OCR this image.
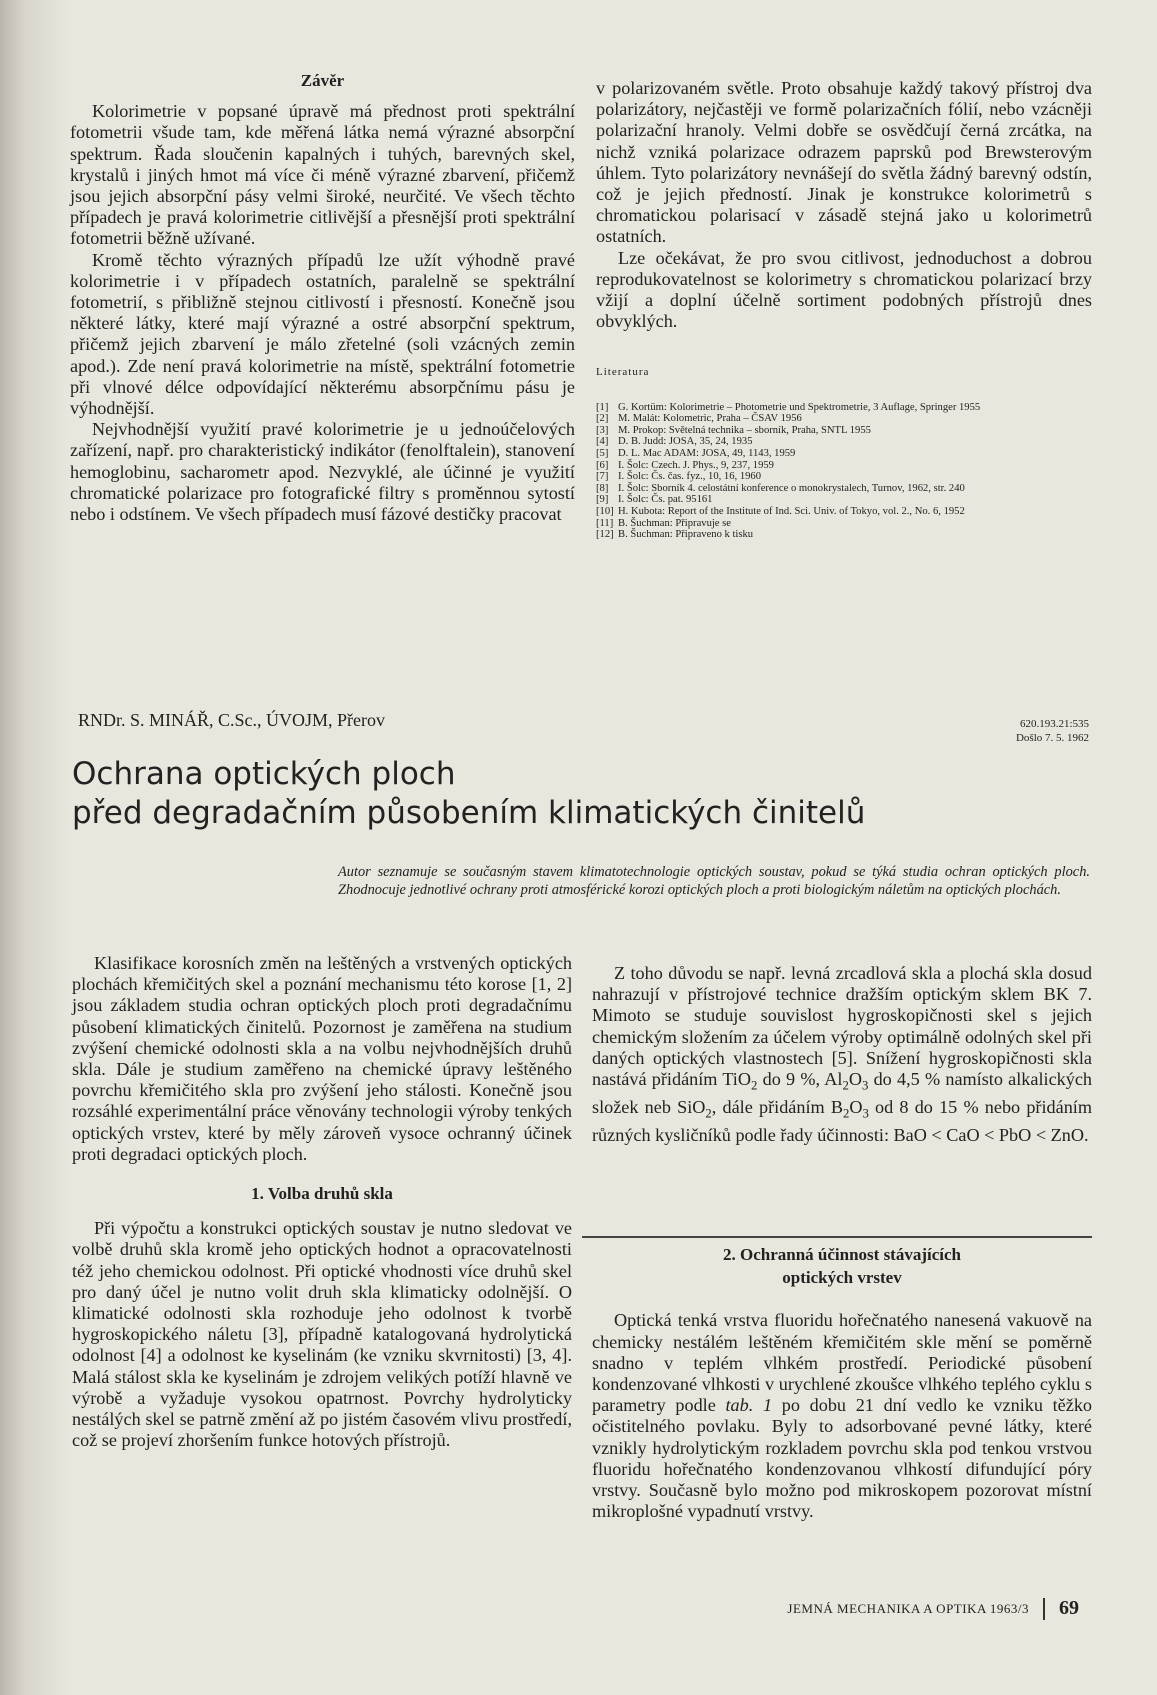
Závěr

Kolorimetrie v popsané úpravě má přednost proti spektrální fotometrii všude tam, kde měřená látka nemá výrazné absorpční spektrum. Řada sloučenin kapalných i tuhých, barevných skel, krystalů i jiných hmot má více či méně výrazné zbarvení, přičemž jsou jejich absorpční pásy velmi široké, neurčité. Ve všech těchto případech je pravá kolorimetrie citlivější a přesnější proti spektrální fotometrii běžně užívané.

Kromě těchto výrazných případů lze užít výhodně pravé kolorimetrie i v případech ostatních, paralelně se spektrální fotometrií, s přibližně stejnou citlivostí i přesností. Konečně jsou některé látky, které mají výrazné a ostré absorpční spektrum, přičemž jejich zbarvení je málo zřetelné (soli vzácných zemin apod.). Zde není pravá kolorimetrie na místě, spektrální fotometrie při vlnové délce odpovídající některému absorpčnímu pásu je výhodnější.

Nejvhodnější využití pravé kolorimetrie je u jednoúčelových zařízení, např. pro charakteristický indikátor (fenolftalein), stanovení hemoglobinu, sacharometr apod. Nezvyklé, ale účinné je využití chromatické polarizace pro fotografické filtry s proměnnou sytostí nebo i odstínem. Ve všech případech musí fázové destičky pracovat

v polarizovaném světle. Proto obsahuje každý takový přístroj dva polarizátory, nejčastěji ve formě polarizačních fólií, nebo vzácněji polarizační hranoly. Velmi dobře se osvědčují černá zrcátka, na nichž vzniká polarizace odrazem paprsků pod Brewsterovým úhlem. Tyto polarizátory nevnášejí do světla žádný barevný odstín, což je jejich předností. Jinak je konstrukce kolorimetrů s chromatickou polarisací v zásadě stejná jako u kolorimetrů ostatních.

Lze očekávat, že pro svou citlivost, jednoduchost a dobrou reprodukovatelnost se kolorimetry s chromatickou polarizací brzy vžijí a doplní účelně sortiment podobných přístrojů dnes obvyklých.

Literatura
[1] G. Kortüm: Kolorimetrie – Photometrie und Spektrometrie, 3 Auflage, Springer 1955
[2] M. Malát: Kolometric, Praha – ČSAV 1956
[3] M. Prokop: Světelná technika – sborník, Praha, SNTL 1955
[4] D. B. Judd: JOSA, 35, 24, 1935
[5] D. L. Mac ADAM: JOSA, 49, 1143, 1959
[6] I. Šolc: Czech. J. Phys., 9, 237, 1959
[7] I. Šolc: Čs. čas. fyz., 10, 16, 1960
[8] I. Šolc: Sborník 4. celostátní konference o monokrystalech, Turnov, 1962, str. 240
[9] I. Šolc: Čs. pat. 95161
[10] H. Kubota: Report of the Institute of Ind. Sci. Univ. of Tokyo, vol. 2., No. 6, 1952
[11] B. Šuchman: Připravuje se
[12] B. Šuchman: Připraveno k tisku
RNDr. S. MINÁŘ, C.Sc., ÚVOJM, Přerov	620.193.21:535
Došlo 7. 5. 1962
Ochrana optických ploch
před degradačním působením klimatických činitelů
Autor seznamuje se současným stavem klimatotechnologie optických soustav, pokud se týká studia ochran optických ploch. Zhodnocuje jednotlivé ochrany proti atmosférické korozi optických ploch a proti biologickým náletům na optických plochách.

Klasifikace korosních změn na leštěných a vrstvených optických plochách křemičitých skel a poznání mechanismu této korose [1, 2] jsou základem studia ochran optických ploch proti degradačnímu působení klimatických činitelů. Pozornost je zaměřena na studium zvýšení chemické odolnosti skla a na volbu nejvhodnějších druhů skla. Dále je studium zaměřeno na chemické úpravy leštěného povrchu křemičitého skla pro zvýšení jeho stálosti. Konečně jsou rozsáhlé experimentální práce věnovány technologii výroby tenkých optických vrstev, které by měly zároveň vysoce ochranný účinek proti degradaci optických ploch.

1. Volba druhů skla

Při výpočtu a konstrukci optických soustav je nutno sledovat ve volbě druhů skla kromě jeho optických hodnot a opracovatelnosti též jeho chemickou odolnost. Při optické vhodnosti více druhů skel pro daný účel je nutno volit druh skla klimaticky odolnější. O klimatické odolnosti skla rozhoduje jeho odolnost k tvorbě hygroskopického náletu [3], případně katalogovaná hydrolytická odolnost [4] a odolnost ke kyselinám (ke vzniku skvrnitosti) [3, 4]. Malá stálost skla ke kyselinám je zdrojem velikých potíží hlavně ve výrobě a vyžaduje vysokou opatrnost. Povrchy hydrolyticky nestálých skel se patrně změní až po jistém časovém vlivu prostředí, což se projeví zhoršením funkce hotových přístrojů.

Z toho důvodu se např. levná zrcadlová skla a plochá skla dosud nahrazují v přístrojové technice dražším optickým sklem BK 7. Mimoto se studuje souvislost hygroskopičnosti skel s jejich chemickým složením za účelem výroby optimálně odolných skel při daných optických vlastnostech [5]. Snížení hygroskopičnosti skla nastává přidáním TiO$_2$ do 9 %, $Al_2O_3$ do 4,5 % namísto alkalických složek neb SiO$_2$, dále přidáním $B_2O_3$ od 8 do 15 % nebo přidáním různých kysličníků podle řady účinnosti: BaO < CaO < PbO < ZnO.

2. Ochranná účinnost stávajících
optických vrstev

Optická tenká vrstva fluoridu hořečnatého nanesená vakuově na chemicky nestálém leštěném křemičitém skle mění se poměrně snadno v teplém vlhkém prostředí. Periodické působení kondenzované vlhkosti v urychlené zkoušce vlhkého teplého cyklu s parametry podle tab. 1 po dobu 21 dní vedlo ke vzniku těžko očistitelného povlaku. Byly to adsorbované pevné látky, které vznikly hydrolytickým rozkladem povrchu skla pod tenkou vrstvou fluoridu hořečnatého kondenzovanou vlhkostí difundující póry vrstvy. Současně bylo možno pod mikroskopem pozorovat místní mikroplošné vypadnutí vrstvy.

JEMNÁ MECHANIKA A OPTIKA 1963/3 69
